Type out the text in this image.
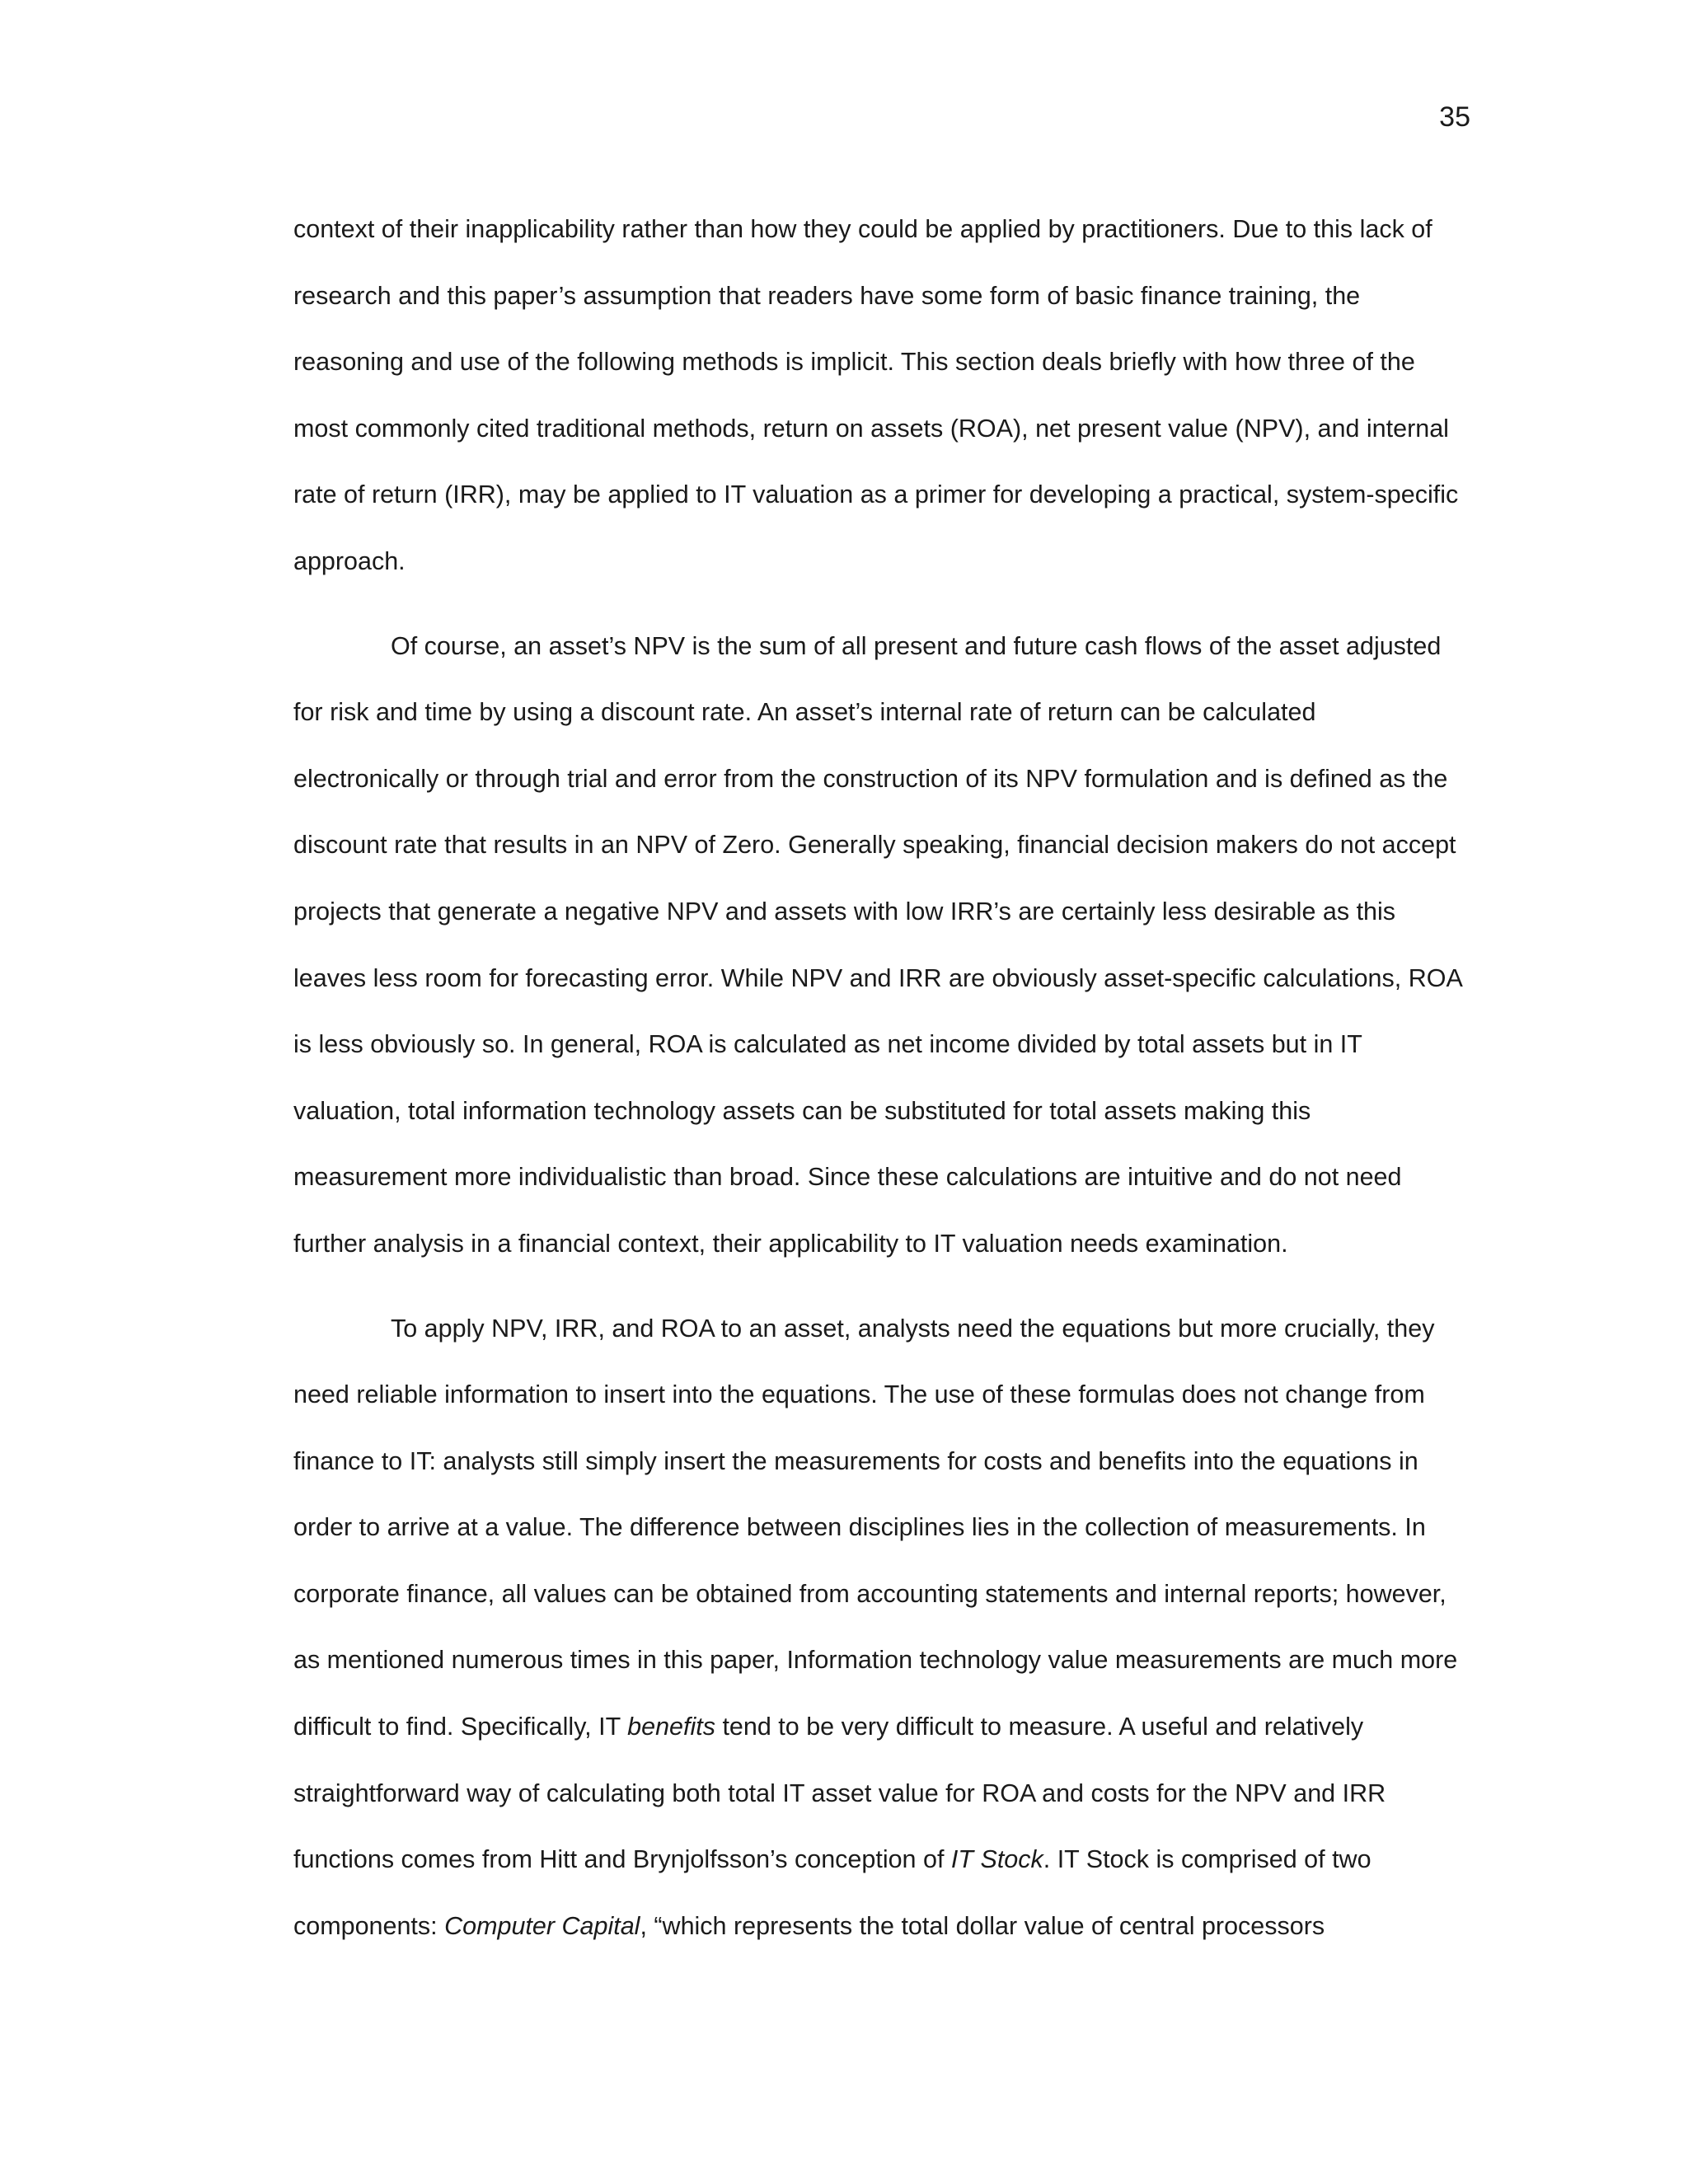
35

context of their inapplicability rather than how they could be applied by practitioners. Due to this lack of research and this paper’s assumption that readers have some form of basic finance training, the reasoning and use of the following methods is implicit. This section deals briefly with how three of the most commonly cited traditional methods, return on assets (ROA), net present value (NPV), and internal rate of return (IRR), may be applied to IT valuation as a primer for developing a practical, system-specific approach.

Of course, an asset’s NPV is the sum of all present and future cash flows of the asset adjusted for risk and time by using a discount rate. An asset’s internal rate of return can be calculated electronically or through trial and error from the construction of its NPV formulation and is defined as the discount rate that results in an NPV of Zero. Generally speaking, financial decision makers do not accept projects that generate a negative NPV and assets with low IRR’s are certainly less desirable as this leaves less room for forecasting error. While NPV and IRR are obviously asset-specific calculations, ROA is less obviously so. In general, ROA is calculated as net income divided by total assets but in IT valuation, total information technology assets can be substituted for total assets making this measurement more individualistic than broad. Since these calculations are intuitive and do not need further analysis in a financial context, their applicability to IT valuation needs examination.

To apply NPV, IRR, and ROA to an asset, analysts need the equations but more crucially, they need reliable information to insert into the equations. The use of these formulas does not change from finance to IT: analysts still simply insert the measurements for costs and benefits into the equations in order to arrive at a value. The difference between disciplines lies in the collection of measurements. In corporate finance, all values can be obtained from accounting statements and internal reports; however, as mentioned numerous times in this paper, Information technology value measurements are much more difficult to find. Specifically, IT benefits tend to be very difficult to measure. A useful and relatively straightforward way of calculating both total IT asset value for ROA and costs for the NPV and IRR functions comes from Hitt and Brynjolfsson’s conception of IT Stock. IT Stock is comprised of two components: Computer Capital, “which represents the total dollar value of central processors
